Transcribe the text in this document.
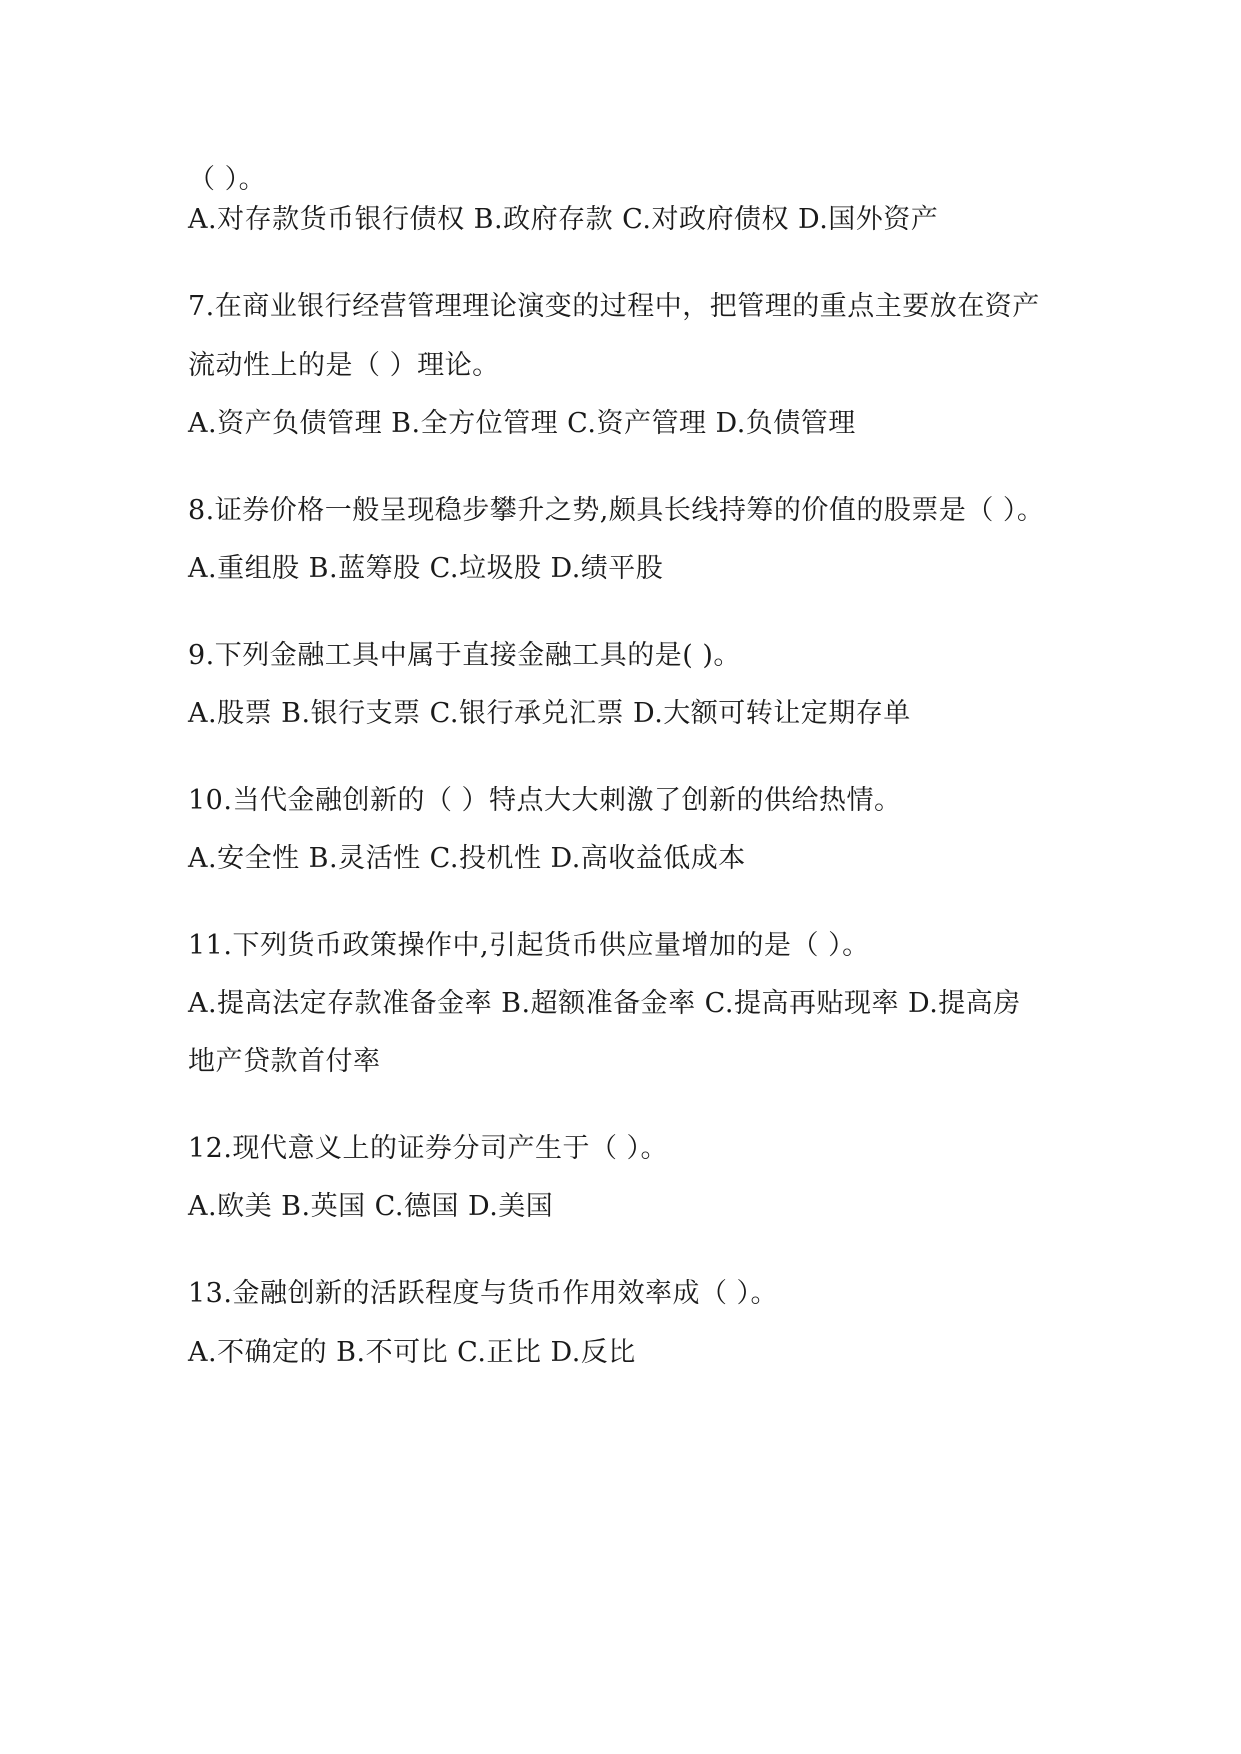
（ ）。
A.对存款货币银行债权 B.政府存款 C.对政府债权 D.国外资产
7.在商业银行经营管理理论演变的过程中，把管理的重点主要放在资产
流动性上的是（ ）理论。
A.资产负债管理 B.全方位管理 C.资产管理 D.负债管理
8.证券价格一般呈现稳步攀升之势,颇具长线持筹的价值的股票是（ ）。
A.重组股 B.蓝筹股 C.垃圾股 D.绩平股
9.下列金融工具中属于直接金融工具的是( )。
A.股票 B.银行支票 C.银行承兑汇票 D.大额可转让定期存单
10.当代金融创新的（ ）特点大大刺激了创新的供给热情。
A.安全性 B.灵活性 C.投机性 D.高收益低成本
11.下列货币政策操作中,引起货币供应量增加的是（ ）。
A.提高法定存款准备金率 B.超额准备金率 C.提高再贴现率 D.提高房
地产贷款首付率
12.现代意义上的证券分司产生于（ ）。
A.欧美 B.英国 C.德国 D.美国
13.金融创新的活跃程度与货币作用效率成（ ）。
A.不确定的 B.不可比 C.正比 D.反比
